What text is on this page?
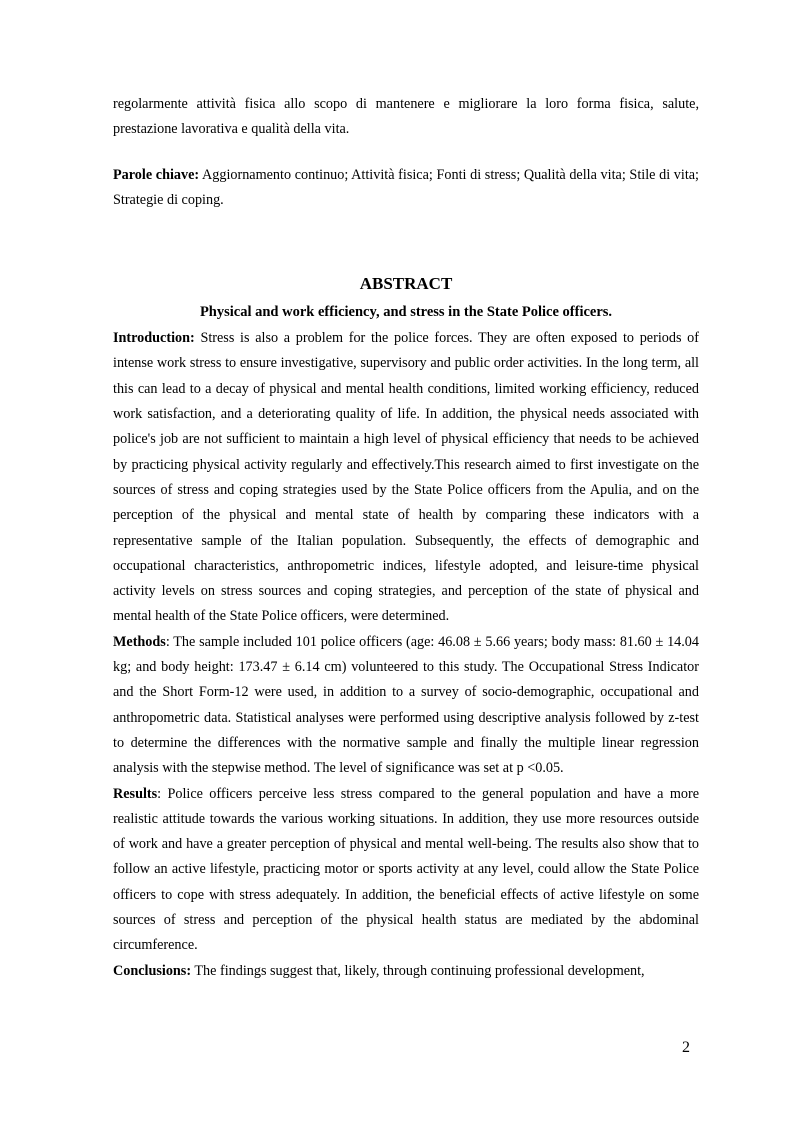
regolarmente attività fisica allo scopo di mantenere e migliorare la loro forma fisica, salute, prestazione lavorativa e qualità della vita.

Parole chiave: Aggiornamento continuo; Attività fisica; Fonti di stress; Qualità della vita; Stile di vita; Strategie di coping.

ABSTRACT
Physical and work efficiency, and stress in the State Police officers.

Introduction: Stress is also a problem for the police forces. They are often exposed to periods of intense work stress to ensure investigative, supervisory and public order activities. In the long term, all this can lead to a decay of physical and mental health conditions, limited working efficiency, reduced work satisfaction, and a deteriorating quality of life. In addition, the physical needs associated with police's job are not sufficient to maintain a high level of physical efficiency that needs to be achieved by practicing physical activity regularly and effectively.This research aimed to first investigate on the sources of stress and coping strategies used by the State Police officers from the Apulia, and on the perception of the physical and mental state of health by comparing these indicators with a representative sample of the Italian population. Subsequently, the effects of demographic and occupational characteristics, anthropometric indices, lifestyle adopted, and leisure-time physical activity levels on stress sources and coping strategies, and perception of the state of physical and mental health of the State Police officers, were determined.

Methods: The sample included 101 police officers (age: 46.08 ± 5.66 years; body mass: 81.60 ± 14.04 kg; and body height: 173.47 ± 6.14 cm) volunteered to this study. The Occupational Stress Indicator and the Short Form-12 were used, in addition to a survey of socio-demographic, occupational and anthropometric data. Statistical analyses were performed using descriptive analysis followed by z-test to determine the differences with the normative sample and finally the multiple linear regression analysis with the stepwise method. The level of significance was set at p <0.05.

Results: Police officers perceive less stress compared to the general population and have a more realistic attitude towards the various working situations. In addition, they use more resources outside of work and have a greater perception of physical and mental well-being. The results also show that to follow an active lifestyle, practicing motor or sports activity at any level, could allow the State Police officers to cope with stress adequately. In addition, the beneficial effects of active lifestyle on some sources of stress and perception of the physical health status are mediated by the abdominal circumference.

Conclusions: The findings suggest that, likely, through continuing professional development,

2
